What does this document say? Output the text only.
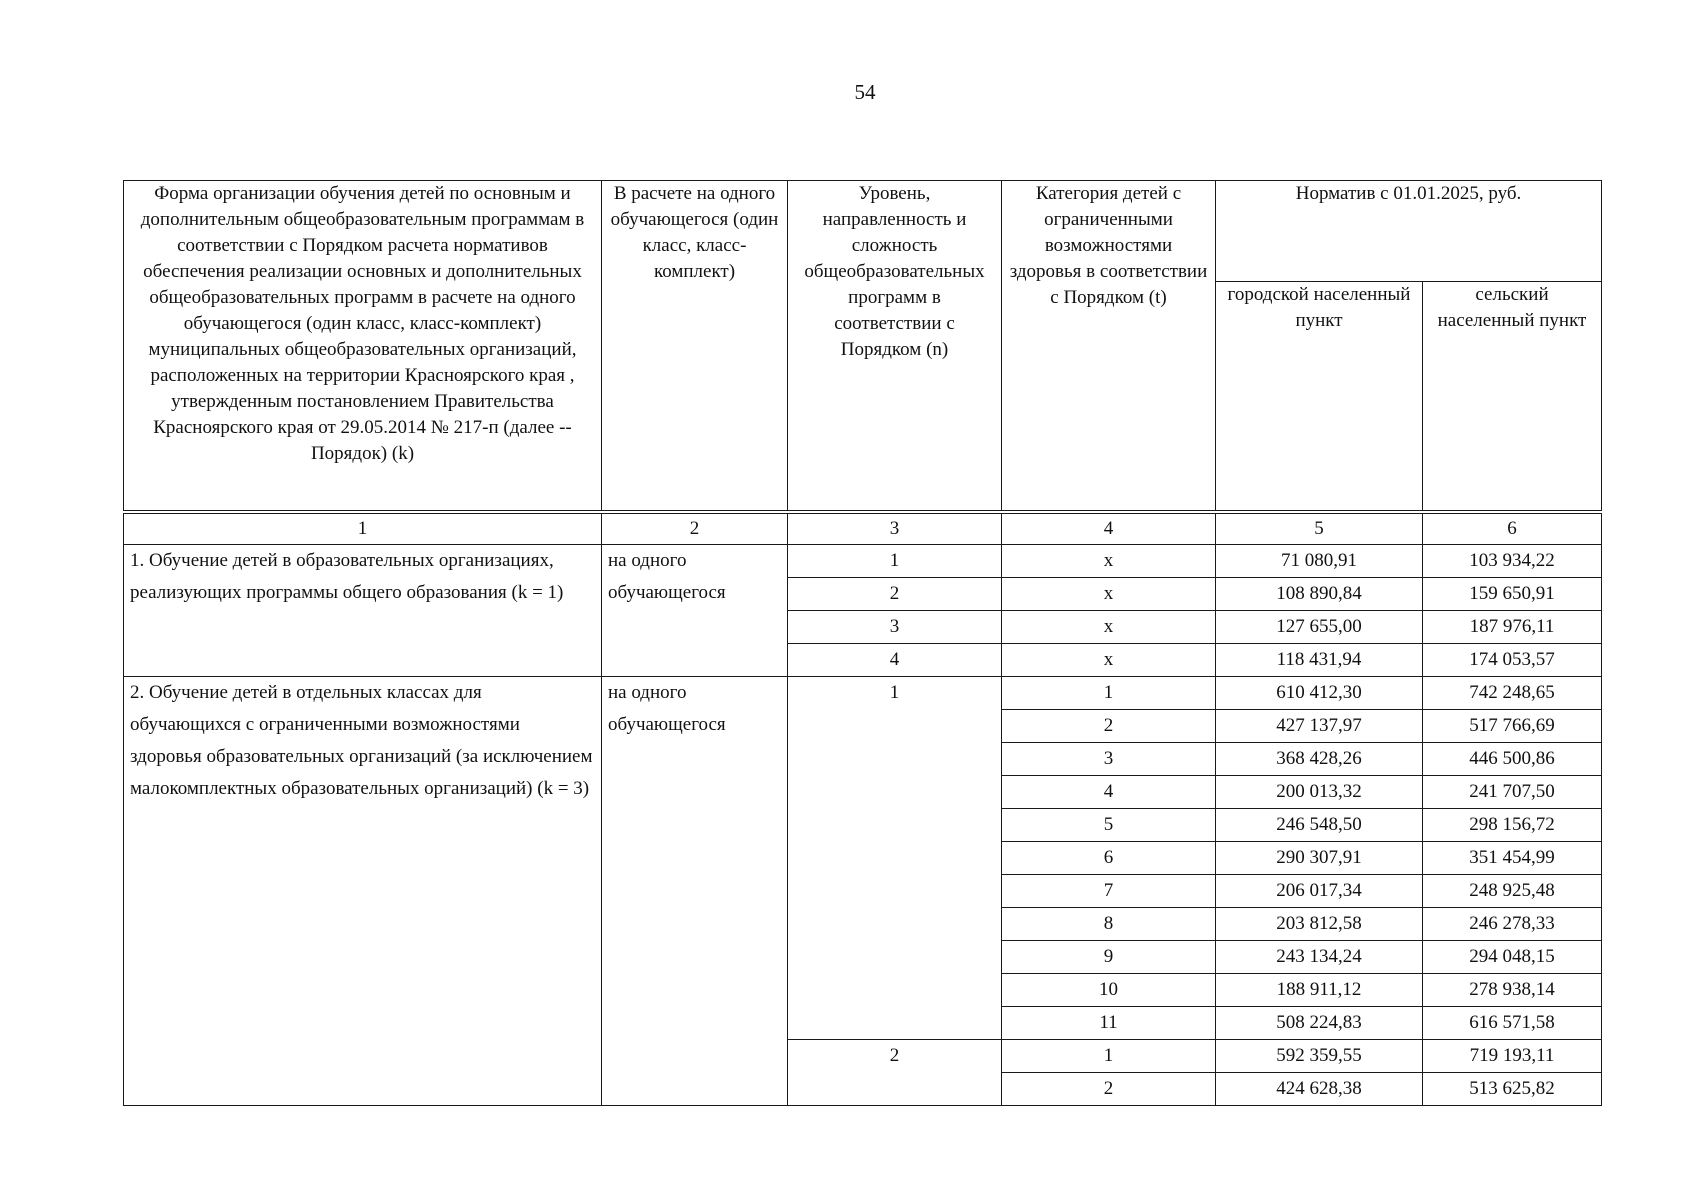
54
Форма организации обучения детей по основным и дополнительным общеобразовательным программам в соответствии с Порядком расчета нормативов обеспечения реализации основных и дополнительных общеобразовательных программ в расчете на одного обучающегося (один класс, класс-комплект) муниципальных общеобразовательных организаций, расположенных на территории Красноярского края , утвержденным постановлением Правительства Красноярского края от 29.05.2014 № 217-п (далее -- Порядок) (k)	В расчете на одного обучающегося (один класс, класс-комплект)	Уровень, направленность и сложность общеобразовательных программ в соответствии с Порядком (n)	Категория детей с ограниченными возможностями здоровья в соответствии с Порядком (t)	Норматив с 01.01.2025, руб.	
				городской населенный пункт	сельский населенный пункт
1	2	3	4	5	6
1. Обучение детей в образовательных организациях, реализующих программы общего образования (k = 1)	на одного обучающегося	1	x	71 080,91	103 934,22
		2	x	108 890,84	159 650,91
		3	x	127 655,00	187 976,11
		4	x	118 431,94	174 053,57
2. Обучение детей в отдельных классах для обучающихся с ограниченными возможностями здоровья образовательных организаций (за исключением малокомплектных образовательных организаций) (k = 3)	на одного обучающегося	1	1	610 412,30	742 248,65
			2	427 137,97	517 766,69
			3	368 428,26	446 500,86
			4	200 013,32	241 707,50
			5	246 548,50	298 156,72
			6	290 307,91	351 454,99
			7	206 017,34	248 925,48
			8	203 812,58	246 278,33
			9	243 134,24	294 048,15
			10	188 911,12	278 938,14
			11	508 224,83	616 571,58
		2	1	592 359,55	719 193,11
			2	424 628,38	513 625,82
